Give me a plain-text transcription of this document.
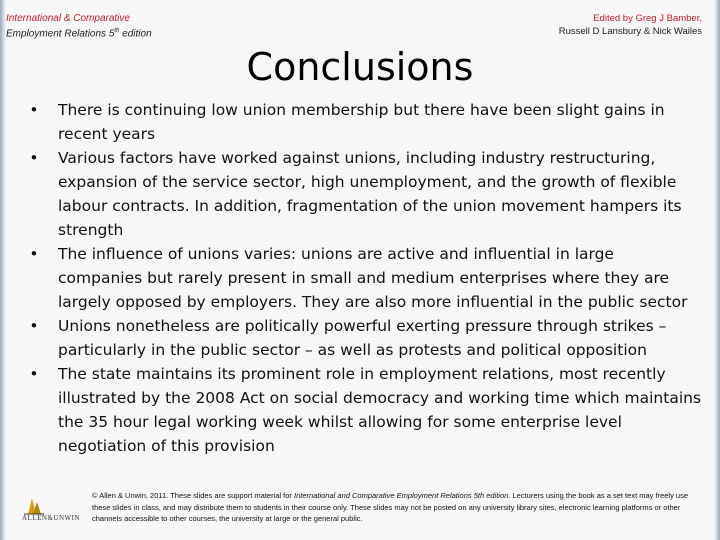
International & Comparative
Employment Relations 5th edition
Edited by Greg J Bamber,
Russell D Lansbury & Nick Wailes
Conclusions
• There is continuing low union membership but there have been slight gains in recent years
• Various factors have worked against unions, including industry restructuring, expansion of the service sector, high unemployment, and the growth of flexible labour contracts. In addition, fragmentation of the union movement hampers its strength
• The influence of unions varies: unions are active and influential in large companies but rarely present in small and medium enterprises where they are largely opposed by employers. They are also more influential in the public sector
• Unions nonetheless are politically powerful exerting pressure through strikes – particularly in the public sector – as well as protests and political opposition
• The state maintains its prominent role in employment relations, most recently illustrated by the 2008 Act on social democracy and working time which maintains the 35 hour legal working week whilst allowing for some enterprise level negotiation of this provision
ALLEN&UNWIN
© Allen & Unwin, 2011. These slides are support material for International and Comparative Employment Relations 5th edition. Lecturers using the book as a set text may freely use these slides in class, and may distribute them to students in their course only. These slides may not be posted on any university library sites, electronic learning platforms or other channels accessible to other courses, the university at large or the general public.
